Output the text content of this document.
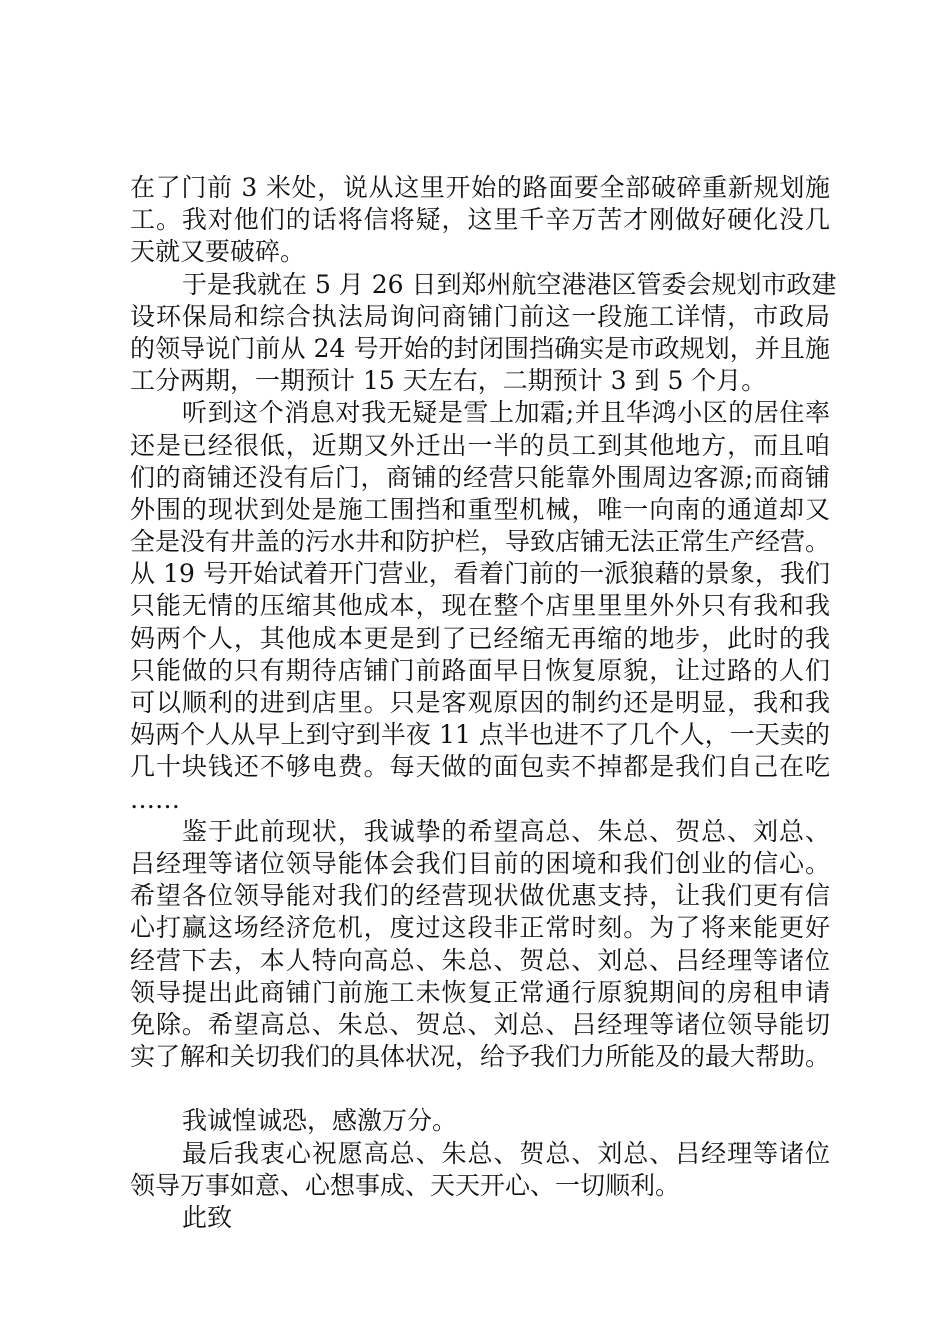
在了门前 3 米处，说从这里开始的路面要全部破碎重新规划施
工。我对他们的话将信将疑，这里千辛万苦才刚做好硬化没几
天就又要破碎。
于是我就在 5 月 26 日到郑州航空港港区管委会规划市政建
设环保局和综合执法局询问商铺门前这一段施工详情，市政局
的领导说门前从 24 号开始的封闭围挡确实是市政规划，并且施
工分两期，一期预计 15 天左右，二期预计 3 到 5 个月。
听到这个消息对我无疑是雪上加霜;并且华鸿小区的居住率
还是已经很低，近期又外迁出一半的员工到其他地方，而且咱
们的商铺还没有后门，商铺的经营只能靠外围周边客源;而商铺
外围的现状到处是施工围挡和重型机械，唯一向南的通道却又
全是没有井盖的污水井和防护栏，导致店铺无法正常生产经营。
从 19 号开始试着开门营业，看着门前的一派狼藉的景象，我们
只能无情的压缩其他成本，现在整个店里里里外外只有我和我
妈两个人，其他成本更是到了已经缩无再缩的地步，此时的我
只能做的只有期待店铺门前路面早日恢复原貌，让过路的人们
可以顺利的进到店里。只是客观原因的制约还是明显，我和我
妈两个人从早上到守到半夜 11 点半也进不了几个人，一天卖的
几十块钱还不够电费。每天做的面包卖不掉都是我们自己在吃
……
鉴于此前现状，我诚挚的希望高总、朱总、贺总、刘总、
吕经理等诸位领导能体会我们目前的困境和我们创业的信心。
希望各位领导能对我们的经营现状做优惠支持，让我们更有信
心打赢这场经济危机，度过这段非正常时刻。为了将来能更好
经营下去，本人特向高总、朱总、贺总、刘总、吕经理等诸位
领导提出此商铺门前施工未恢复正常通行原貌期间的房租申请
免除。希望高总、朱总、贺总、刘总、吕经理等诸位领导能切
实了解和关切我们的具体状况，给予我们力所能及的最大帮助。
我诚惶诚恐，感激万分。
最后我衷心祝愿高总、朱总、贺总、刘总、吕经理等诸位
领导万事如意、心想事成、天天开心、一切顺利。
此致
